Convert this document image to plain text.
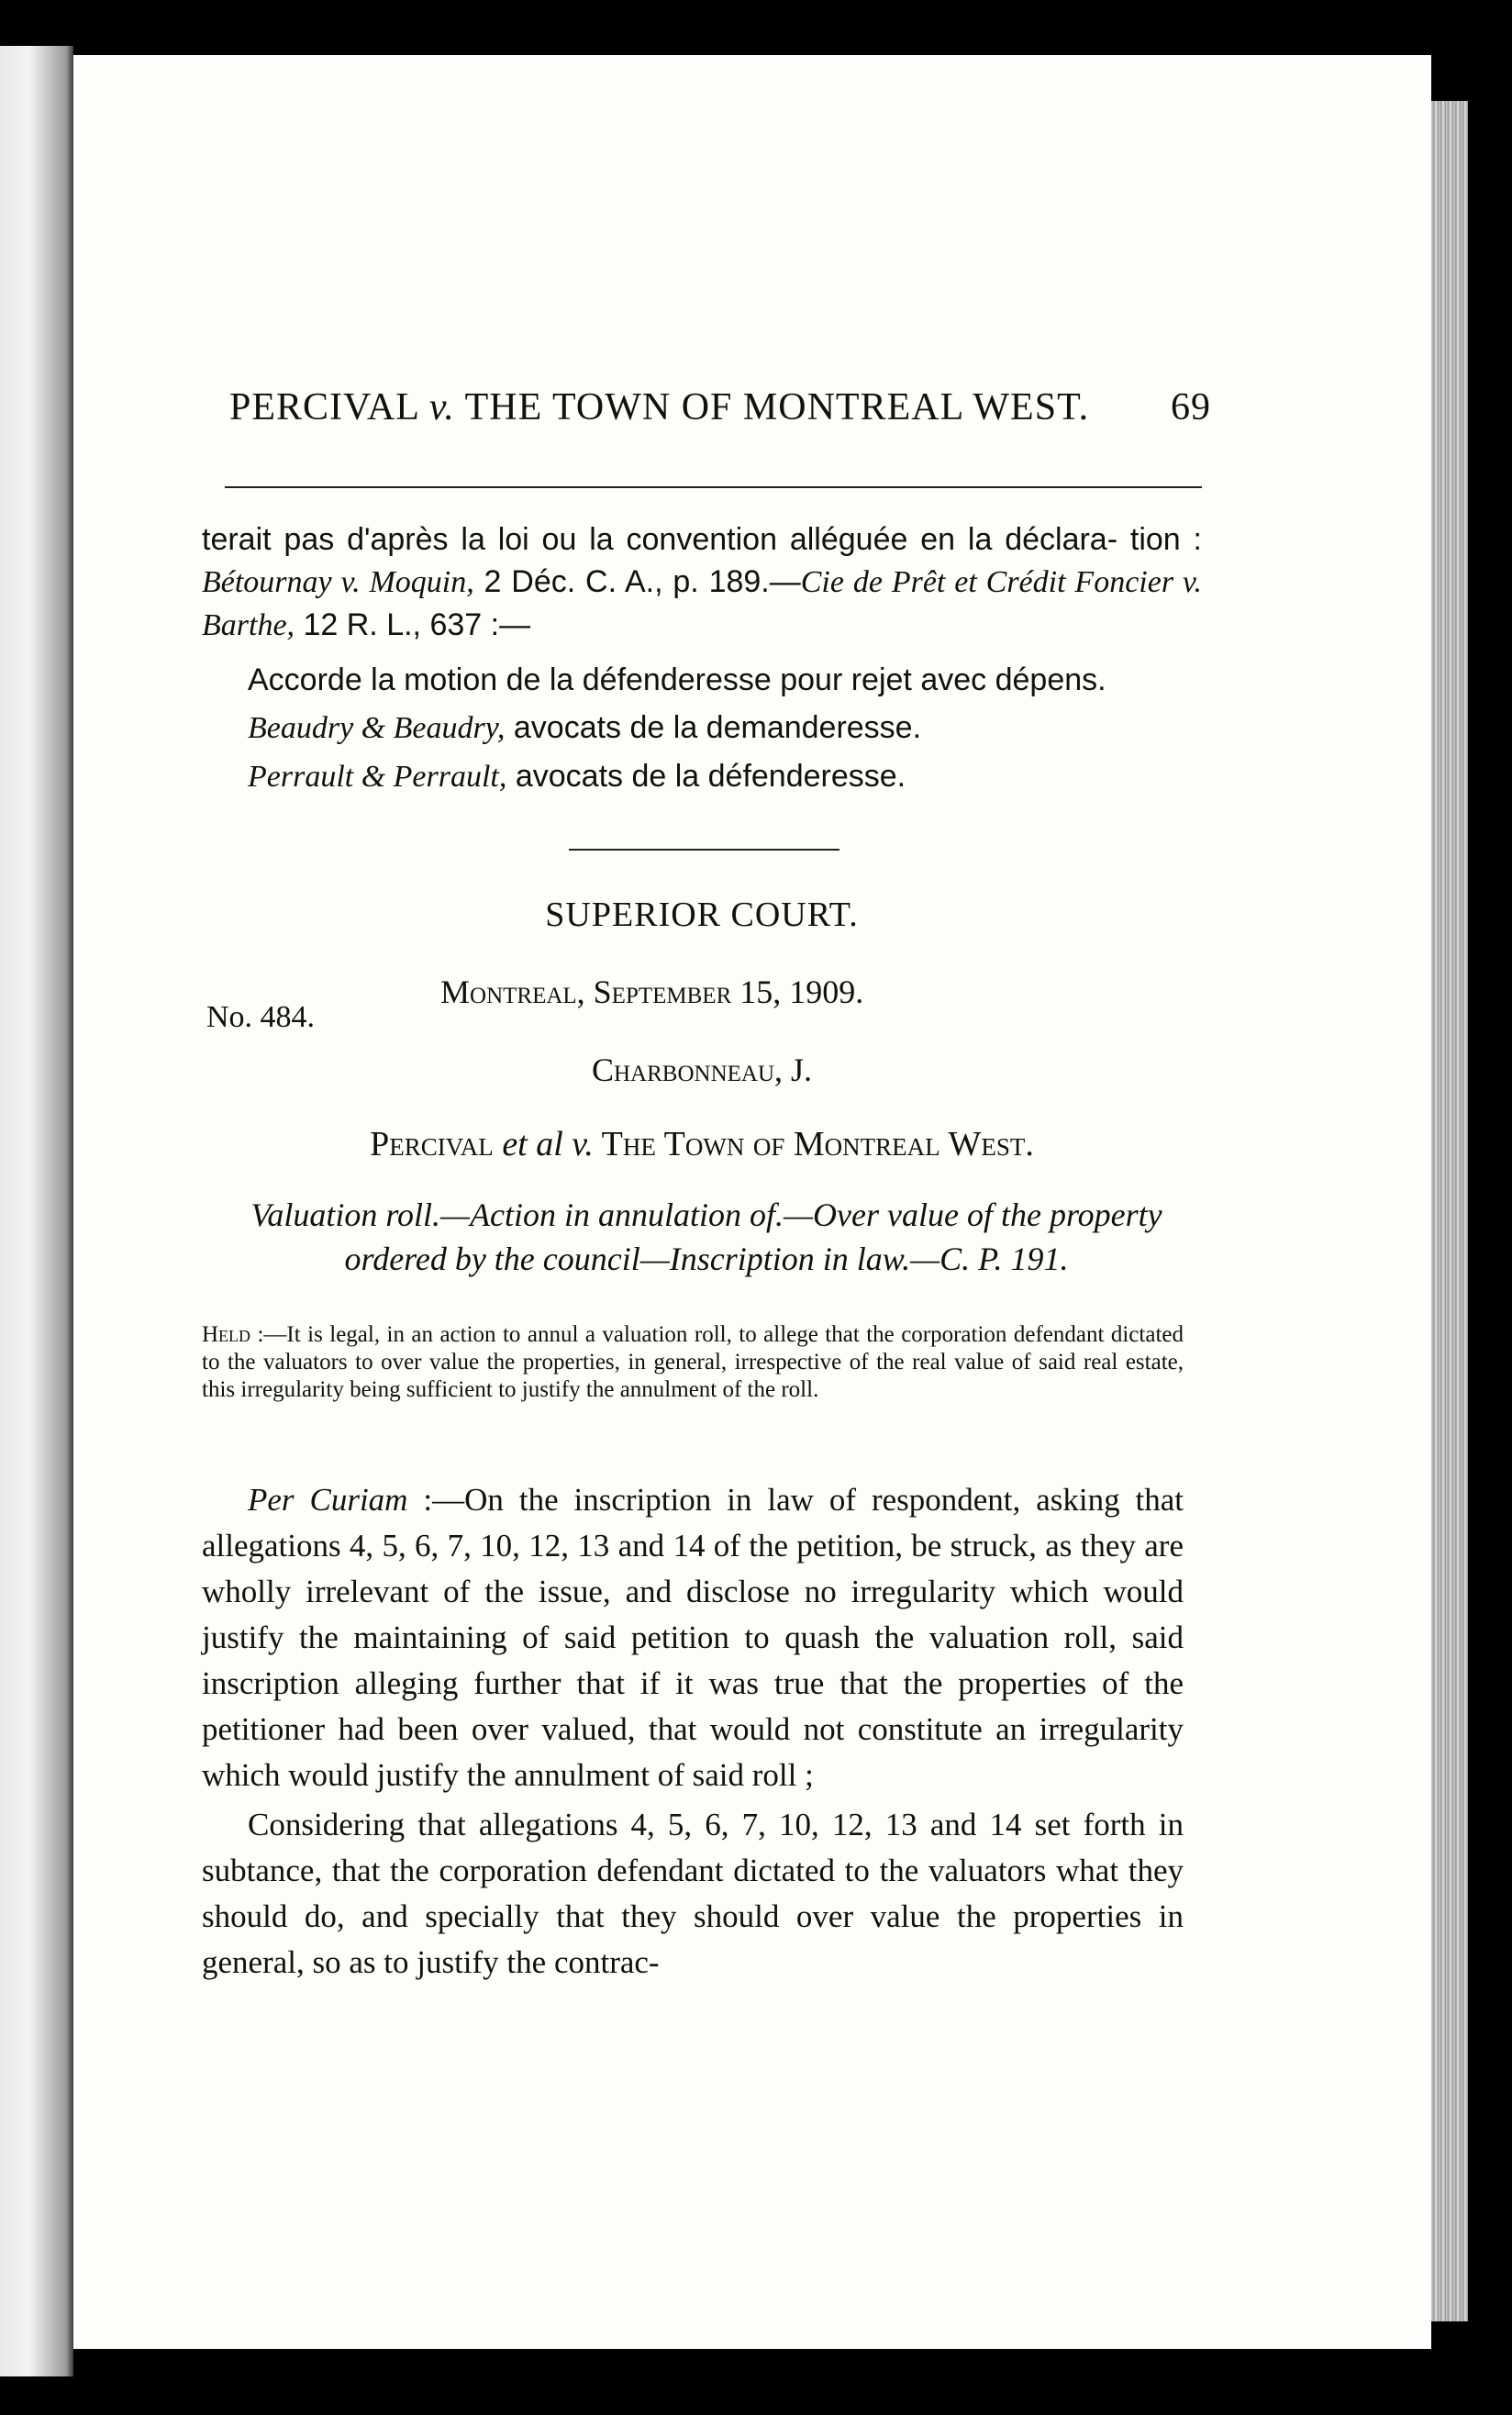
PERCIVAL v. THE TOWN OF MONTREAL WEST. 69

terait pas d'après la loi ou la convention alléguée en la déclara- tion : Bétournay v. Moquin, 2 Déc. C. A., p. 189.—Cie de Prêt et Crédit Foncier v. Barthe, 12 R. L., 637 :—

Accorde la motion de la défenderesse pour rejet avec dépens.

Beaudry & Beaudry, avocats de la demanderesse.

Perrault & Perrault, avocats de la défenderesse.

SUPERIOR COURT.
Montreal, September 15, 1909.
No. 484.
Charbonneau, J.
Percival et al v. The Town of Montreal West.

Valuation roll.—Action in annulation of.—Over value of the property ordered by the council—Inscription in law.—C. P. 191.

Held :—It is legal, in an action to annul a valuation roll, to allege that the corporation defendant dictated to the valuators to over value the properties, in general, irrespective of the real value of said real estate, this irregularity being sufficient to justify the annulment of the roll.

Per Curiam :—On the inscription in law of respondent, asking that allegations 4, 5, 6, 7, 10, 12, 13 and 14 of the petition, be struck, as they are wholly irrelevant of the issue, and disclose no irregularity which would justify the maintaining of said petition to quash the valuation roll, said inscription alleging further that if it was true that the properties of the petitioner had been over valued, that would not constitute an irregularity which would justify the annulment of said roll ;

Considering that allegations 4, 5, 6, 7, 10, 12, 13 and 14 set forth in subtance, that the corporation defendant dictated to the valuators what they should do, and specially that they should over value the properties in general, so as to justify the contrac-
